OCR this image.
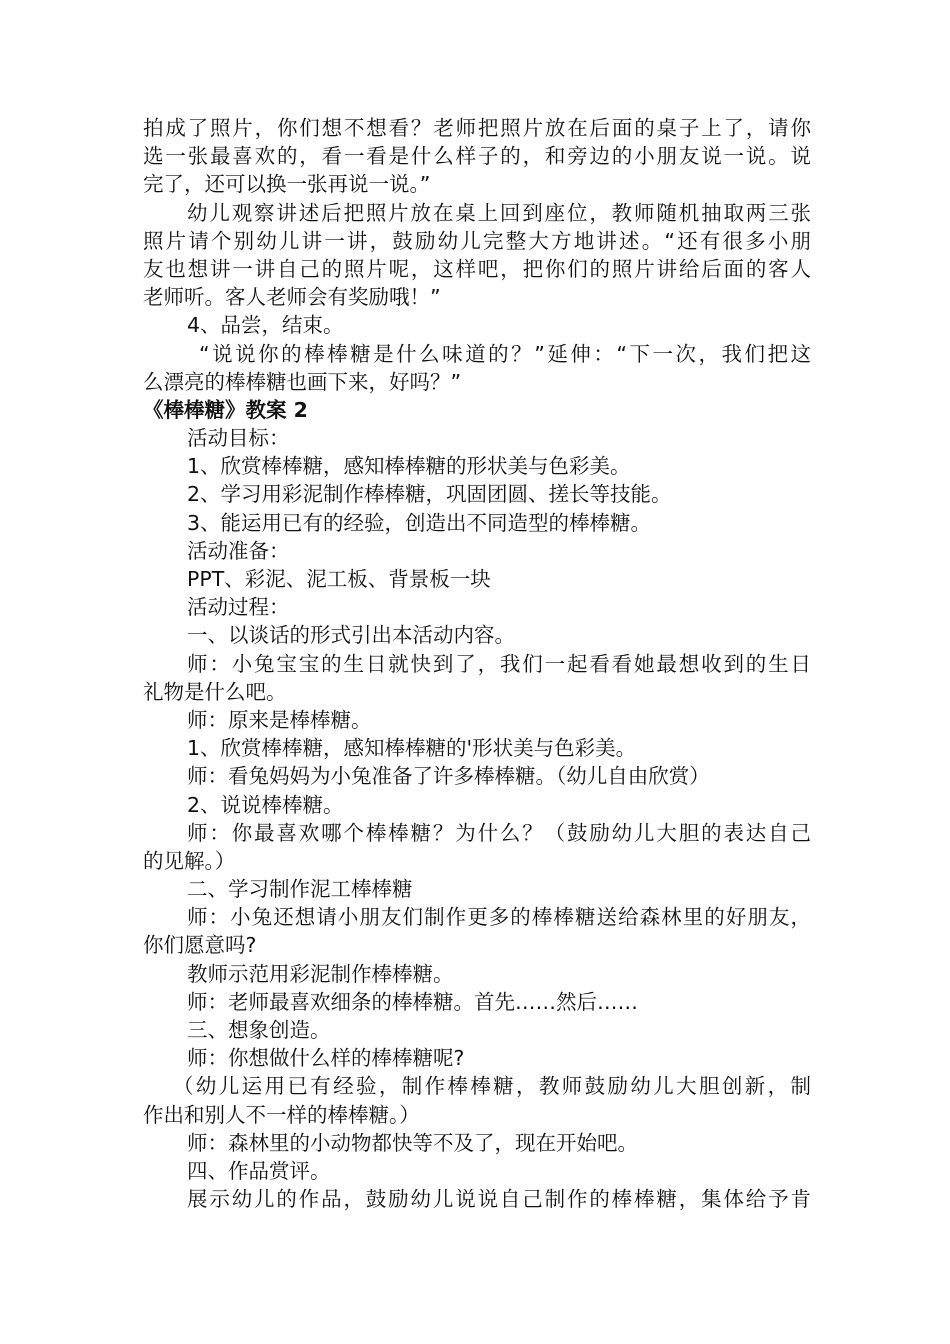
拍成了照片，你们想不想看？老师把照片放在后面的桌子上了，请你
选一张最喜欢的，看一看是什么样子的，和旁边的小朋友说一说。说
完了，还可以换一张再说一说。”
幼儿观察讲述后把照片放在桌上回到座位，教师随机抽取两三张
照片请个别幼儿讲一讲，鼓励幼儿完整大方地讲述。“还有很多小朋
友也想讲一讲自己的照片呢，这样吧，把你们的照片讲给后面的客人
老师听。客人老师会有奖励哦！”
4、品尝，结束。
“说说你的棒棒糖是什么味道的？”延伸：“下一次，我们把这
么漂亮的棒棒糖也画下来，好吗？”
《棒棒糖》教案 2
活动目标：
1、欣赏棒棒糖，感知棒棒糖的形状美与色彩美。
2、学习用彩泥制作棒棒糖，巩固团圆、搓长等技能。
3、能运用已有的经验，创造出不同造型的棒棒糖。
活动准备：
PPT、彩泥、泥工板、背景板一块
活动过程：
一、以谈话的形式引出本活动内容。
师：小兔宝宝的生日就快到了，我们一起看看她最想收到的生日
礼物是什么吧。
师：原来是棒棒糖。
1、欣赏棒棒糖，感知棒棒糖的'形状美与色彩美。
师：看兔妈妈为小兔准备了许多棒棒糖。（幼儿自由欣赏）
2、说说棒棒糖。
师：你最喜欢哪个棒棒糖？为什么？（鼓励幼儿大胆的表达自己
的见解。）
二、学习制作泥工棒棒糖
师：小兔还想请小朋友们制作更多的棒棒糖送给森林里的好朋友，
你们愿意吗?
教师示范用彩泥制作棒棒糖。
师：老师最喜欢细条的棒棒糖。首先……然后……
三、想象创造。
师：你想做什么样的棒棒糖呢?
（幼儿运用已有经验，制作棒棒糖，教师鼓励幼儿大胆创新，制
作出和别人不一样的棒棒糖。）
师：森林里的小动物都快等不及了，现在开始吧。
四、作品赏评。
展示幼儿的作品，鼓励幼儿说说自己制作的棒棒糖，集体给予肯
